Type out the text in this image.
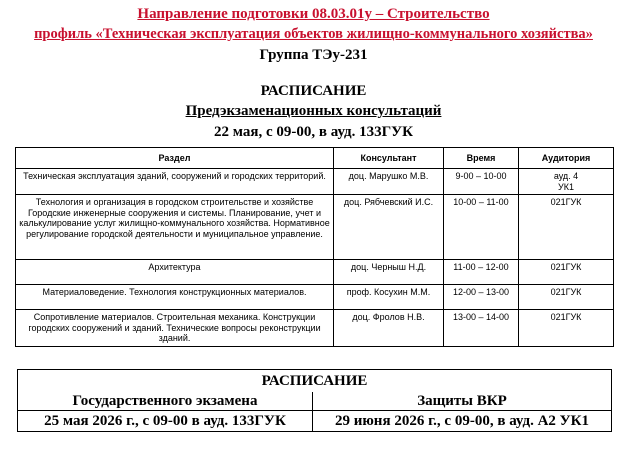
Направление подготовки 08.03.01у – Строительство
профиль «Техническая эксплуатация объектов жилищно-коммунального хозяйства»
Группа ТЭу-231
РАСПИСАНИЕ
Предэкзаменационных консультаций
22 мая, с 09-00, в ауд. 133ГУК
Раздел	Консультант	Время	Аудитория
Техническая эксплуатация зданий, сооружений и городских территорий.	доц. Марушко М.В.	9-00 – 10-00	ауд. 4
УК1

Технология и организация в городском строительстве и хозяйстве Городские инженерные сооружения и системы. Планирование, учет и калькулирование услуг жилищно-коммунального хозяйства. Нормативное регулирование городской деятельности и муниципальное управление.	доц. Рябчевский И.С.	10-00 – 11-00	021ГУК
Архитектура	доц. Черныш Н.Д.	11-00 – 12-00	021ГУК
Материаловедение. Технология конструкционных материалов.	проф. Косухин М.М.	12-00 – 13-00	021ГУК
Сопротивление материалов. Строительная механика. Конструкции городских сооружений и зданий. Технические вопросы реконструкции зданий.	доц. Фролов Н.В.	13-00 – 14-00	021ГУК
РАСПИСАНИЕ	
Государственного экзамена	Защиты ВКР
25 мая 2026 г., с 09-00 в ауд. 133ГУК	29 июня 2026 г., с 09-00, в ауд. А2 УК1
